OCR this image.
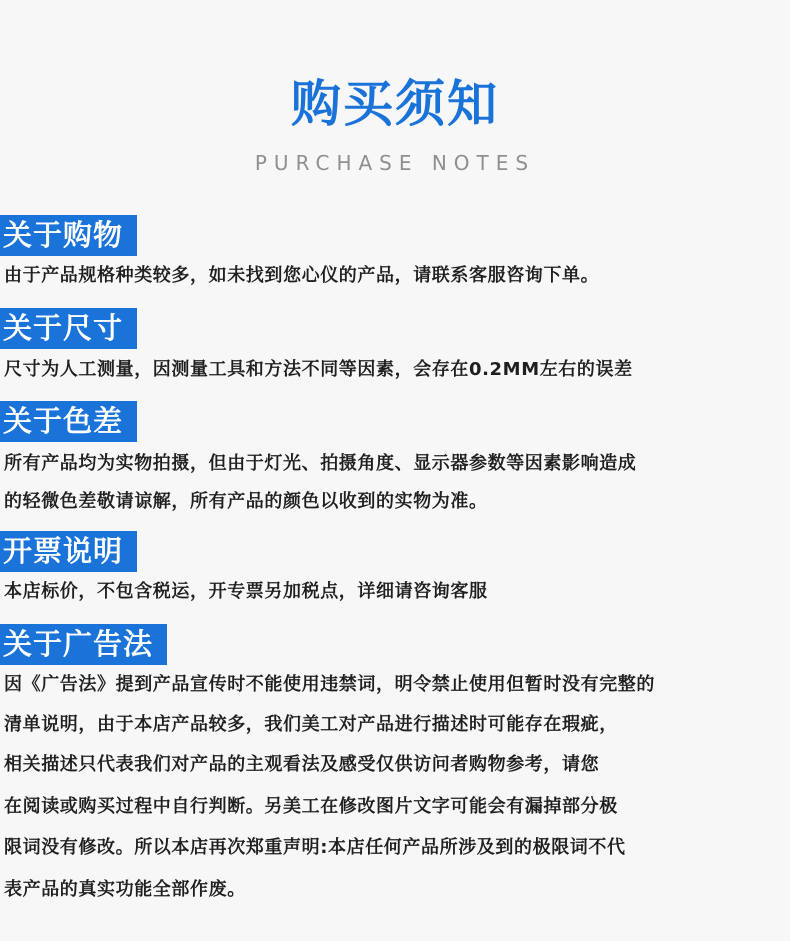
购买须知
PURCHASE NOTES
关于购物
由于产品规格种类较多，如未找到您心仪的产品，请联系客服咨询下单。
关于尺寸
尺寸为人工测量，因测量工具和方法不同等因素，会存在0.2MM左右的误差
关于色差
所有产品均为实物拍摄，但由于灯光、拍摄角度、显示器参数等因素影响造成
的轻微色差敬请谅解，所有产品的颜色以收到的实物为准。
开票说明
本店标价，不包含税运，开专票另加税点，详细请咨询客服
关于广告法
因《广告法》提到产品宣传时不能使用违禁词，明令禁止使用但暂时没有完整的
清单说明，由于本店产品较多，我们美工对产品进行描述时可能存在瑕疵，
相关描述只代表我们对产品的主观看法及感受仅供访问者购物参考，请您
在阅读或购买过程中自行判断。另美工在修改图片文字可能会有漏掉部分极
限词没有修改。所以本店再次郑重声明:本店任何产品所涉及到的极限词不代
表产品的真实功能全部作废。
